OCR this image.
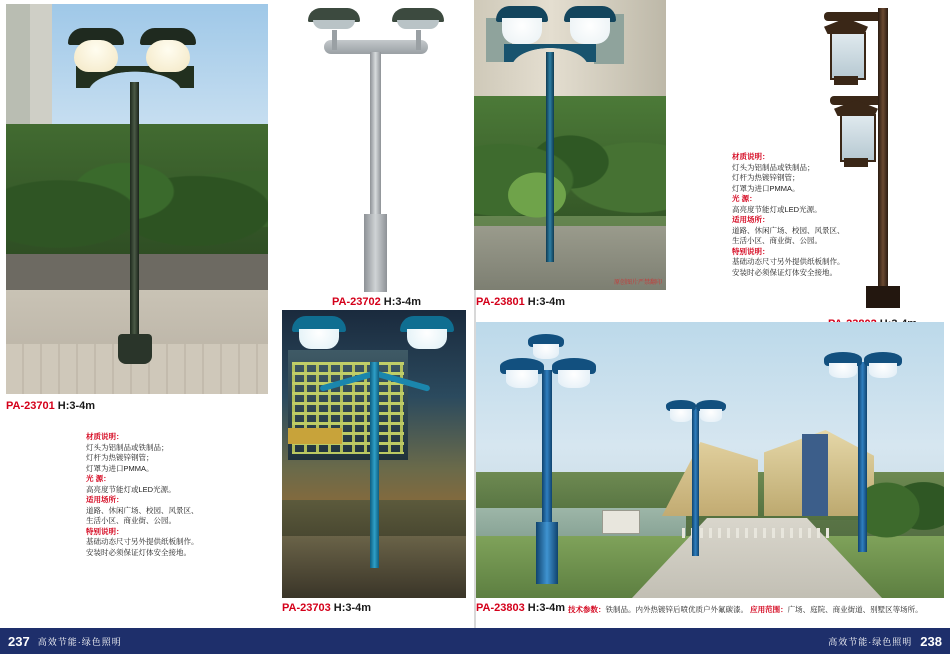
PA-23701 H:3-4m

材质说明：

灯头为铝制品或铁制品；

灯杆为热镀锌钢管；

灯罩为进口PMMA。

光 源：

高亮度节能灯或LED光源。

适用场所：

道路、休闲广场、校园、风景区、

生活小区、商业街、公园。

特别说明：

基础动态尺寸另外提供纸板制作。

安装时必须保证灯体安全接地。

PA-23702 H:3-4m
原创图片严禁翻印
PA-23801 H:3-4m

材质说明：

灯头为铝制品或铁制品；

灯杆为热镀锌钢管；

灯罩为进口PMMA。

光 源：

高亮度节能灯或LED光源。

适用场所：

道路、休闲广场、校园、风景区、

生活小区、商业街、公园。

特别说明：

基础动态尺寸另外提供纸板制作。

安装时必须保证灯体安全接地。

PA-23703 H:3-4m	PA-23803 H:3-4m 技术参数：铁制品。内外热镀锌后喷优质户外氟碳漆。 应用范围：广场、庭院、商业街道、别墅区等场所。
237 高效节能·绿色照明	高效节能·绿色照明 238
